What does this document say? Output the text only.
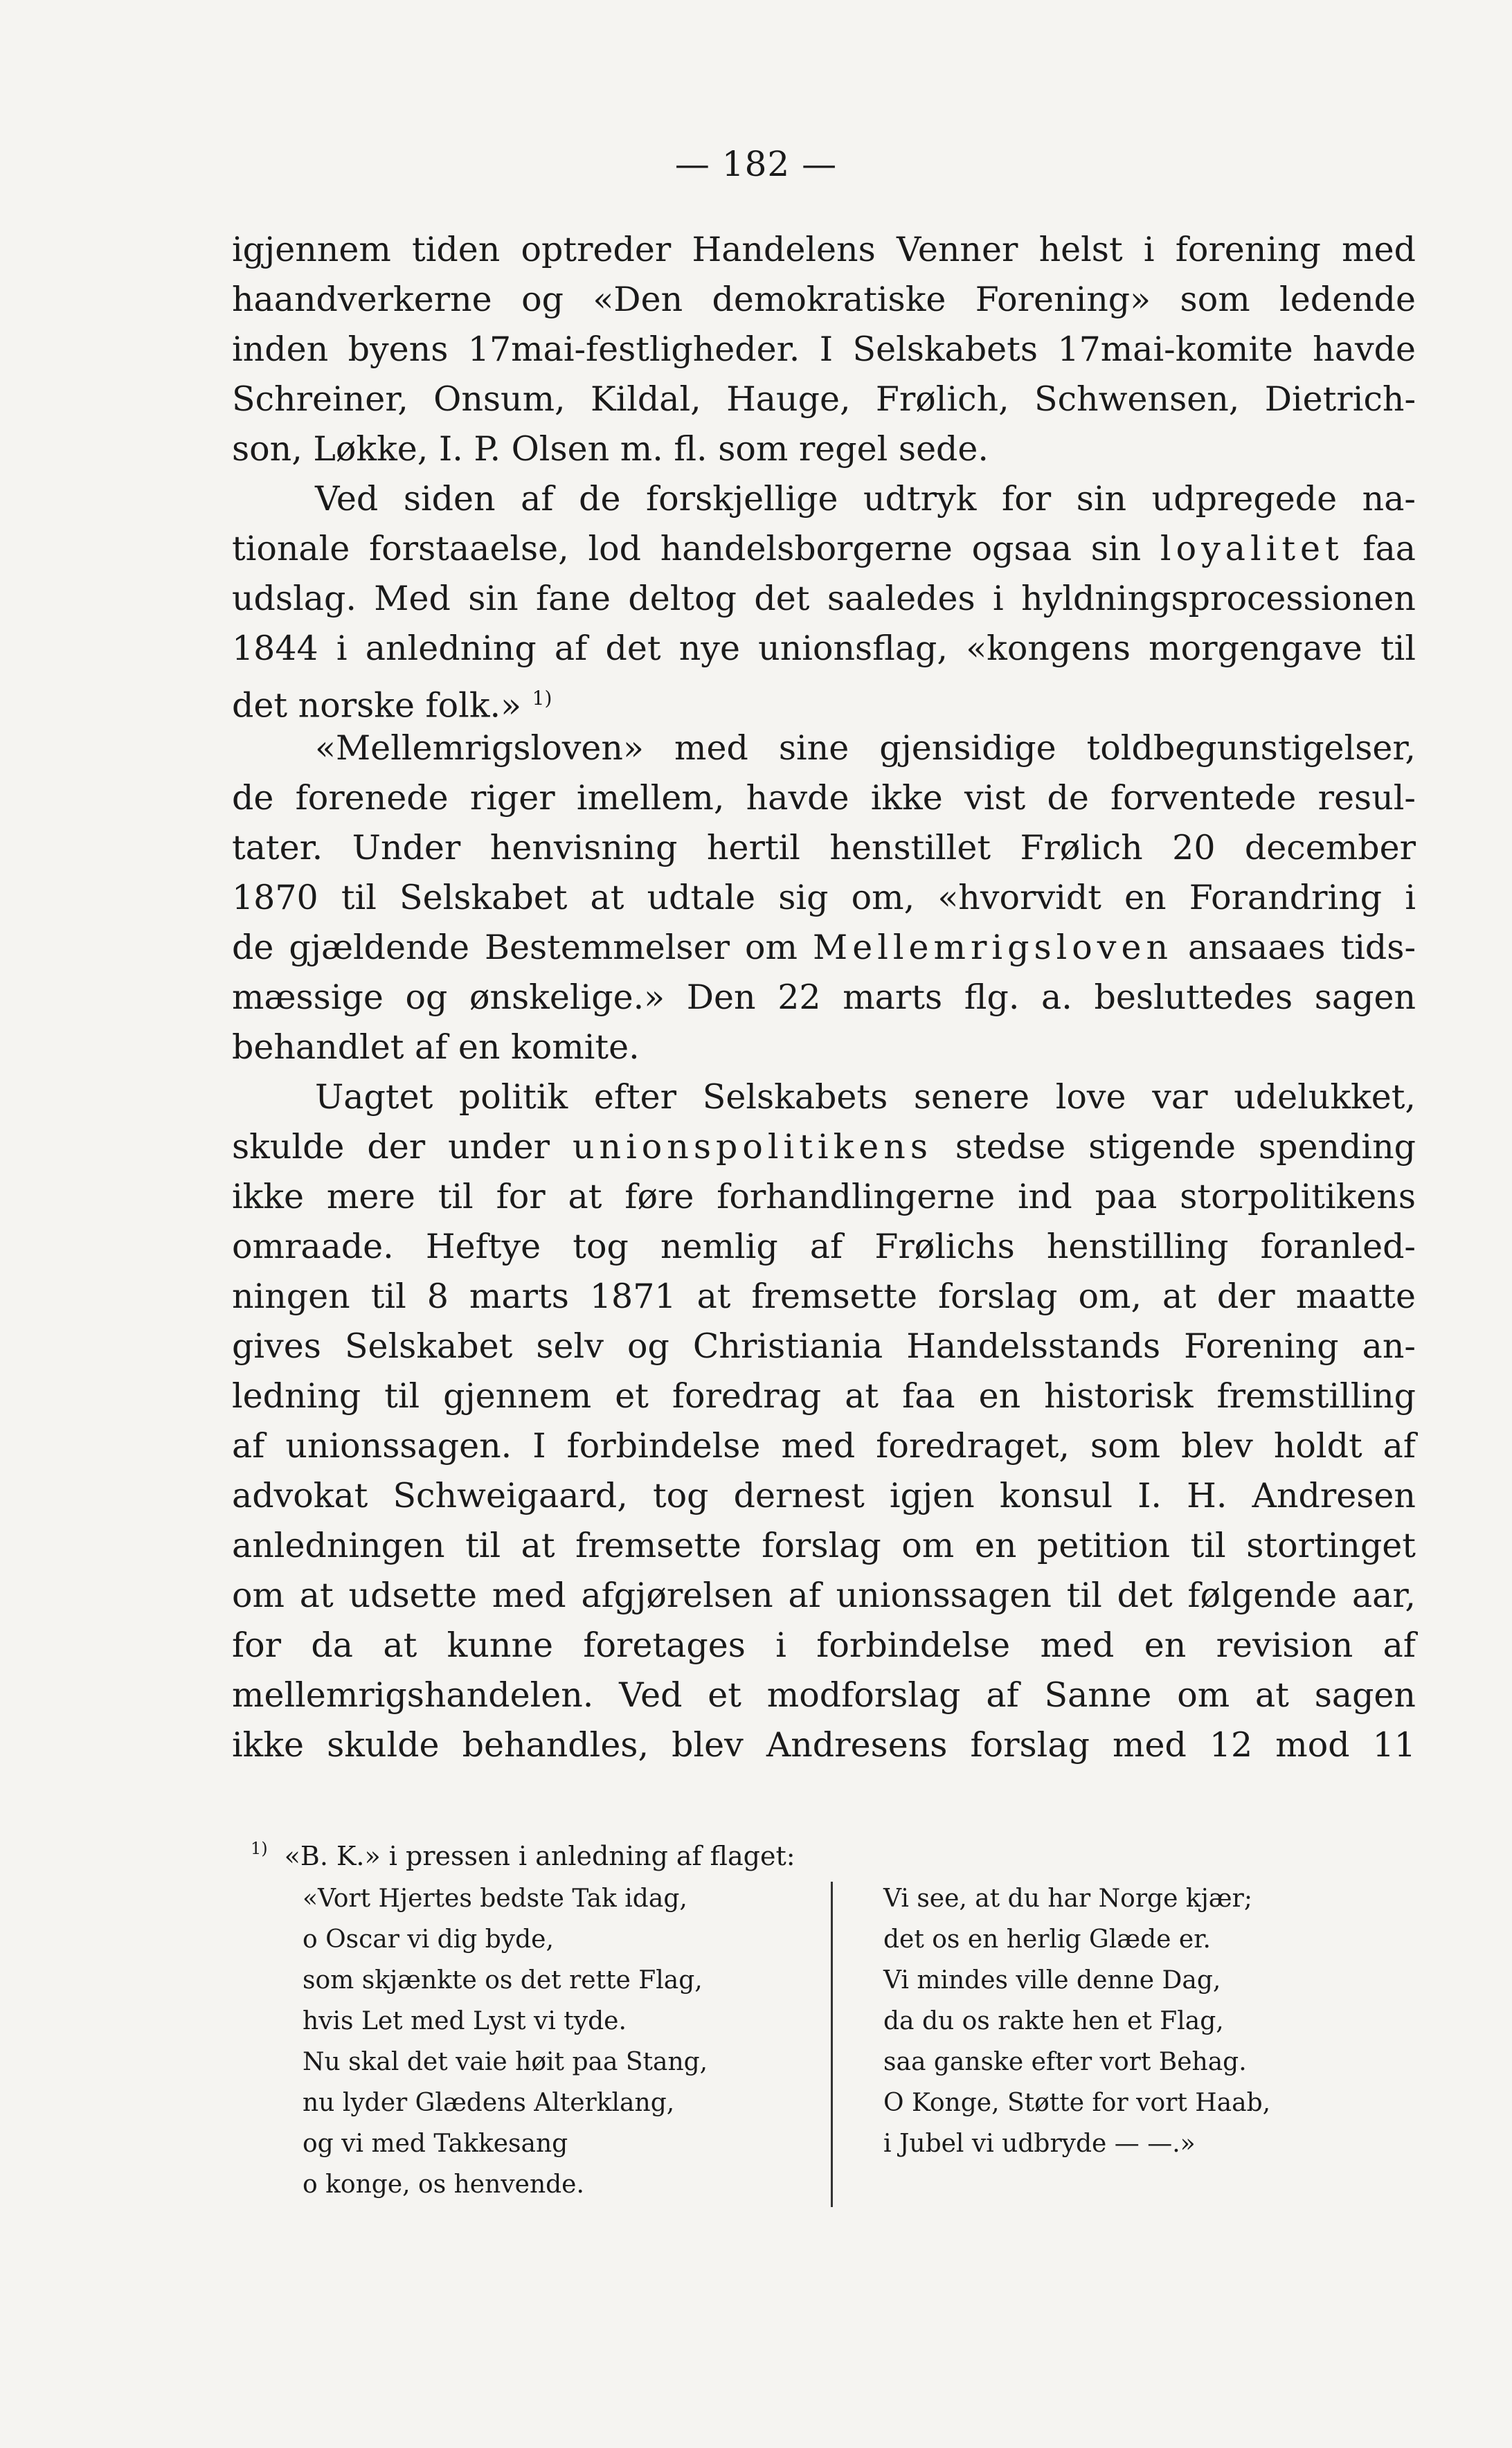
— 182 —
igjennem tiden optreder Handelens Venner helst i forening med
haandverkerne og «Den demokratiske Forening» som ledende
inden byens 17mai-festligheder. I Selskabets 17mai-komite havde
Schreiner, Onsum, Kildal, Hauge, Frølich, Schwensen, Dietrich-
son, Løkke, I. P. Olsen m. fl. som regel sede.
Ved siden af de forskjellige udtryk for sin udpregede na-
tionale forstaaelse, lod handelsborgerne ogsaa sin loyalitet faa
udslag. Med sin fane deltog det saaledes i hyldningsprocessionen
1844 i anledning af det nye unionsflag, «kongens morgengave til
det norske folk.» $^{1)}$
«Mellemrigsloven» med sine gjensidige toldbegunstigelser,
de forenede riger imellem, havde ikke vist de forventede resul-
tater. Under henvisning hertil henstillet Frølich 20 december
1870 til Selskabet at udtale sig om, «hvorvidt en Forandring i
de gjældende Bestemmelser om Mellemrigsloven ansaaes tids-
mæssige og ønskelige.» Den 22 marts flg. a. besluttedes sagen
behandlet af en komite.
Uagtet politik efter Selskabets senere love var udelukket,
skulde der under unionspolitikens stedse stigende spending
ikke mere til for at føre forhandlingerne ind paa storpolitikens
omraade. Heftye tog nemlig af Frølichs henstilling foranled-
ningen til 8 marts 1871 at fremsette forslag om, at der maatte
gives Selskabet selv og Christiania Handelsstands Forening an-
ledning til gjennem et foredrag at faa en historisk fremstilling
af unionssagen. I forbindelse med foredraget, som blev holdt af
advokat Schweigaard, tog dernest igjen konsul I. H. Andresen
anledningen til at fremsette forslag om en petition til stortinget
om at udsette med afgjørelsen af unionssagen til det følgende aar,
for da at kunne foretages i forbindelse med en revision af
mellemrigshandelen. Ved et modforslag af Sanne om at sagen
ikke skulde behandles, blev Andresens forslag med 12 mod 11
$^{1)}$ «B. K.» i pressen i anledning af flaget:
«Vort Hjertes bedste Tak idag,
o Oscar vi dig byde,
som skjænkte os det rette Flag,
hvis Let med Lyst vi tyde.
Nu skal det vaie høit paa Stang,
nu lyder Glædens Alterklang,
og vi med Takkesang
o konge, os henvende.
Vi see, at du har Norge kjær;
det os en herlig Glæde er.
Vi mindes ville denne Dag,
da du os rakte hen et Flag,
saa ganske efter vort Behag.
O Konge, Støtte for vort Haab,
i Jubel vi udbryde — —.»
